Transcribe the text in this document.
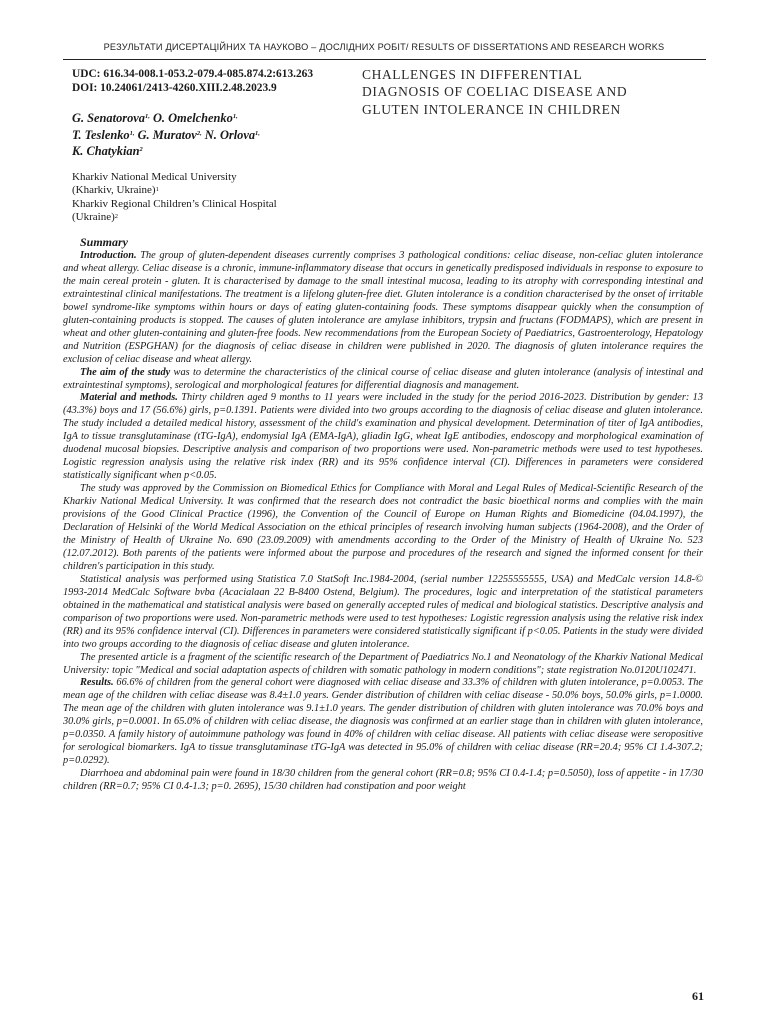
РЕЗУЛЬТАТИ ДИСЕРТАЦІЙНИХ ТА НАУКОВО – ДОСЛІДНИХ РОБІТ/ RESULTS OF DISSERTATIONS AND RESEARCH WORKS
UDC: 616.34-008.1-053.2-079.4-085.874.2:613.263
DOI: 10.24061/2413-4260.XIII.2.48.2023.9
G. Senatorova$^{1,}$ O. Omelchenko$^{1,}$
T. Teslenko$^{1,}$ G. Muratov$^{2,}$ N. Orlova$^{1,}$
K. Chatykian$^2$
Kharkiv National Medical University
(Kharkiv, Ukraine)$^1$
Kharkiv Regional Children’s Clinical Hospital
(Ukraine)$^2$
CHALLENGES IN DIFFERENTIAL
DIAGNOSIS OF COELIAC DISEASE AND
GLUTEN INTOLERANCE IN CHILDREN
Summary

Introduction. The group of gluten-dependent diseases currently comprises 3 pathological conditions: celiac disease, non-celiac gluten intolerance and wheat allergy. Celiac disease is a chronic, immune-inflammatory disease that occurs in genetically predisposed individuals in response to exposure to the main cereal protein - gluten. It is characterised by damage to the small intestinal mucosa, leading to its atrophy with corresponding intestinal and extraintestinal clinical manifestations. The treatment is a lifelong gluten-free diet. Gluten intolerance is a condition characterised by the onset of irritable bowel syndrome-like symptoms within hours or days of eating gluten-containing foods. These symptoms disappear quickly when the consumption of gluten-containing products is stopped. The causes of gluten intolerance are amylase inhibitors, trypsin and fructans (FODMAPS), which are present in wheat and other gluten-containing and gluten-free foods. New recommendations from the European Society of Paediatrics, Gastroenterology, Hepatology and Nutrition (ESPGHAN) for the diagnosis of celiac disease in children were published in 2020. The diagnosis of gluten intolerance requires the exclusion of celiac disease and wheat allergy.

The aim of the study was to determine the characteristics of the clinical course of celiac disease and gluten intolerance (analysis of intestinal and extraintestinal symptoms), serological and morphological features for differential diagnosis and management.

Material and methods. Thirty children aged 9 months to 11 years were included in the study for the period 2016-2023. Distribution by gender: 13 (43.3%) boys and 17 (56.6%) girls, p=0.1391. Patients were divided into two groups according to the diagnosis of celiac disease and gluten intolerance. The study included a detailed medical history, assessment of the child's examination and physical development. Determination of titer of IgA antibodies, IgA to tissue transglutaminase (tTG-IgA), endomysial IgA (EMA-IgA), gliadin IgG, wheat IgE antibodies, endoscopy and morphological examination of duodenal mucosal biopsies. Descriptive analysis and comparison of two proportions were used. Non-parametric methods were used to test hypotheses. Logistic regression analysis using the relative risk index (RR) and its 95% confidence interval (CI). Differences in parameters were considered statistically significant when p<0.05.

The study was approved by the Commission on Biomedical Ethics for Compliance with Moral and Legal Rules of Medical-Scientific Research of the Kharkiv National Medical University. It was confirmed that the research does not contradict the basic bioethical norms and complies with the main provisions of the Good Clinical Practice (1996), the Convention of the Council of Europe on Human Rights and Biomedicine (04.04.1997), the Declaration of Helsinki of the World Medical Association on the ethical principles of research involving human subjects (1964-2008), and the Order of the Ministry of Health of Ukraine No. 690 (23.09.2009) with amendments according to the Order of the Ministry of Health of Ukraine No. 523 (12.07.2012). Both parents of the patients were informed about the purpose and procedures of the research and signed the informed consent for their children's participation in this study.

Statistical analysis was performed using Statistica 7.0 StatSoft Inc.1984-2004, (serial number 12255555555, USA) and MedCalc version 14.8-© 1993-2014 MedCalc Software bvba (Acacialaan 22 B-8400 Ostend, Belgium). The procedures, logic and interpretation of the statistical parameters obtained in the mathematical and statistical analysis were based on generally accepted rules of medical and biological statistics. Descriptive analysis and comparison of two proportions were used. Non-parametric methods were used to test hypotheses: Logistic regression analysis using the relative risk index (RR) and its 95% confidence interval (CI). Differences in parameters were considered statistically significant if p<0.05. Patients in the study were divided into two groups according to the diagnosis of celiac disease and gluten intolerance.

The presented article is a fragment of the scientific research of the Department of Paediatrics No.1 and Neonatology of the Kharkiv National Medical University: topic "Medical and social adaptation aspects of children with somatic pathology in modern conditions"; state registration No.0120U102471.

Results. 66.6% of children from the general cohort were diagnosed with celiac disease and 33.3% of children with gluten intolerance, p=0.0053. The mean age of the children with celiac disease was 8.4±1.0 years. Gender distribution of children with celiac disease - 50.0% boys, 50.0% girls, p=1.0000. The mean age of the children with gluten intolerance was 9.1±1.0 years. The gender distribution of children with gluten intolerance was 70.0% boys and 30.0% girls, p=0.0001. In 65.0% of children with celiac disease, the diagnosis was confirmed at an earlier stage than in children with gluten intolerance, p=0.0350. A family history of autoimmune pathology was found in 40% of children with celiac disease. All patients with celiac disease were seropositive for serological biomarkers. IgA to tissue transglutaminase tTG-IgA was detected in 95.0% of children with celiac disease (RR=20.4; 95% CI 1.4-307.2; p=0.0292).

Diarrhoea and abdominal pain were found in 18/30 children from the general cohort (RR=0.8; 95% CI 0.4-1.4; p=0.5050), loss of appetite - in 17/30 children (RR=0.7; 95% CI 0.4-1.3; p=0. 2695), 15/30 children had constipation and poor weight

61
